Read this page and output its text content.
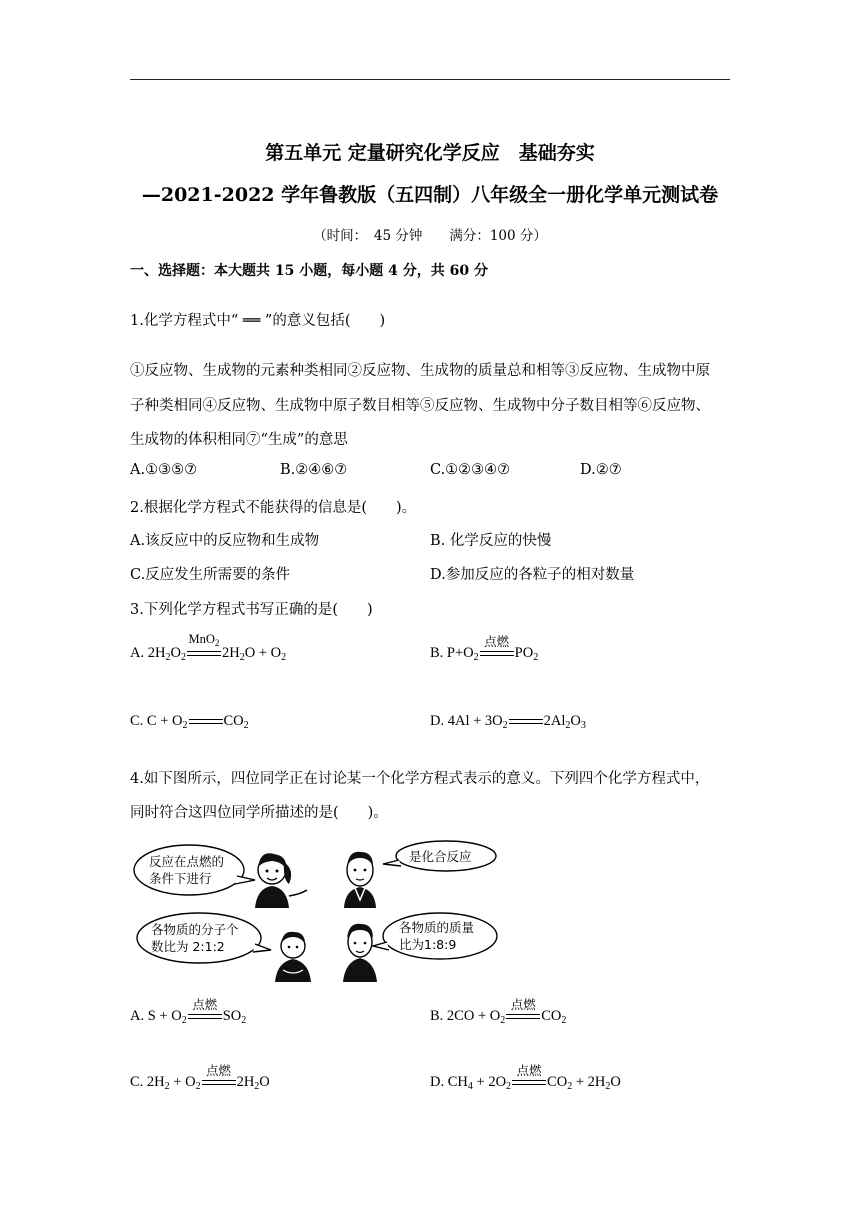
第五单元 定量研究化学反应　基础夯实
—2021-2022 学年鲁教版（五四制）八年级全一册化学单元测试卷
（时间：　45 分钟　　满分：100 分）
一、选择题：本大题共 15 小题，每小题 4 分，共 60 分
1.化学方程式中“ ══ ”的意义包括(　　)
①反应物、生成物的元素种类相同②反应物、生成物的质量总和相等③反应物、生成物中原
子种类相同④反应物、生成物中原子数目相等⑤反应物、生成物中分子数目相等⑥反应物、
生成物的体积相同⑦“生成”的意思
A.①③⑤⑦	B.②④⑥⑦	C.①②③④⑦	D.②⑦
2.根据化学方程式不能获得的信息是(　　)。
A.该反应中的反应物和生成物	B. 化学反应的快慢
C.反应发生所需要的条件	D.参加反应的各粒子的相对数量
3.下列化学方程式书写正确的是(　　)
A. $2H_2O_2$
MnO$_2$
$2H_2O + O_2$	B. $P+O_2$
点燃
$PO_2$
C. $C + O_2$ $CO_2$	D. $4Al + 3O_2$ $2Al_2O_3$
4.如下图所示，四位同学正在讨论某一个化学方程式表示的意义。下列四个化学方程式中，
同时符合这四位同学所描述的是(　　)。
反应在点燃的
条件下进行
是化合反应
各物质的分子个
数比为 2:1:2
各物质的质量
比为1:8:9
A. $S + O_2$
点燃
$SO_2$	B. $2CO + O_2$
点燃
$CO_2$
C. $2H_2 + O_2$
点燃
$2H_2O$	D. $CH_4 + 2O_2$
点燃
$CO_2 + 2H_2O$
